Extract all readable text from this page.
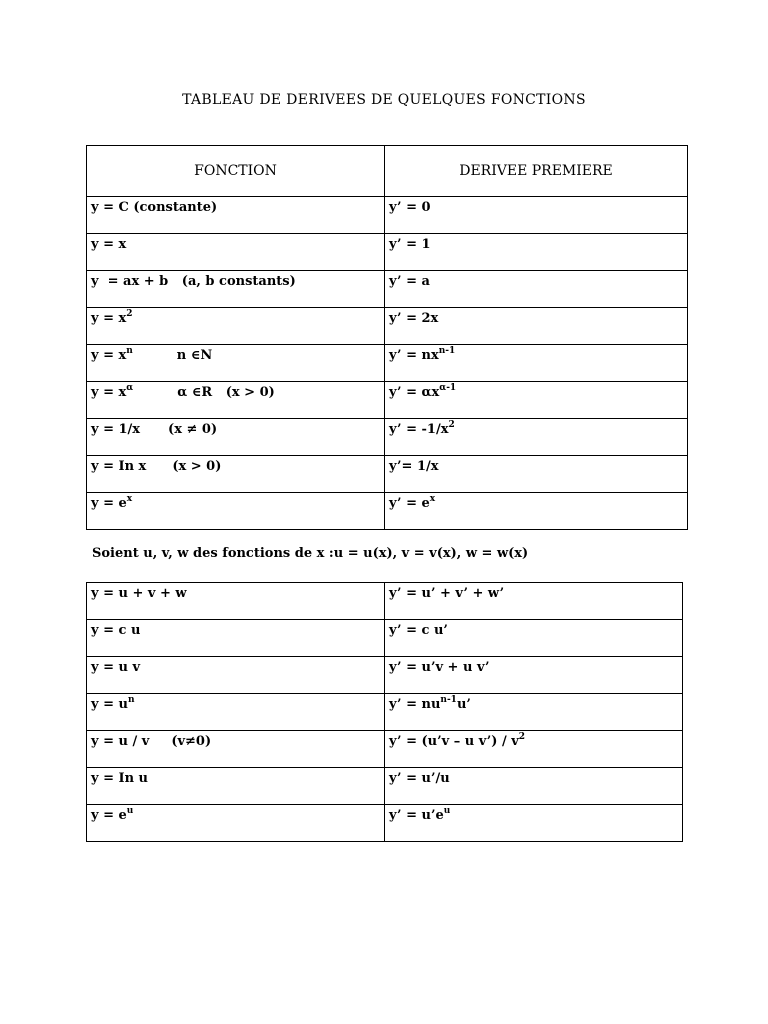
TABLEAU DE DERIVEES DE QUELQUES FONCTIONS
FONCTION	DERIVEE PREMIERE
y = C (constante)	y’ = 0
y = x	y’ = 1
y  = ax + b   (a, b constants)	y’ = a
$y = x^2$	y’ = 2x
$y = x^n$ n ∈N	y’ = $nx^{n-1}$
$y = x^\alpha$ α ∈R   (x > 0)	y’ = $\alpha x^{\alpha-1}$
y = 1/x (x ≠ 0)	y’ = $-1/x^2$
y = In x (x > 0)	y’= 1/x
$y = e^x$	y’ = $e^x$
Soient u, v, w des fonctions de x :u = u(x), v = v(x), w = w(x)
y = u + v + w	y’ = u’ + v’ + w’
y = c u	y’ = c u’
y = u v	y’ = u’v + u v’
$y = u^n$	y’ = $nu^{n-1}u$’
y = u / v (v≠0)	y’ = (u’v – u v’) / $v^2$
y = In u	y’ = u’/u
$y = e^u$	y’ = $u’e^u$
